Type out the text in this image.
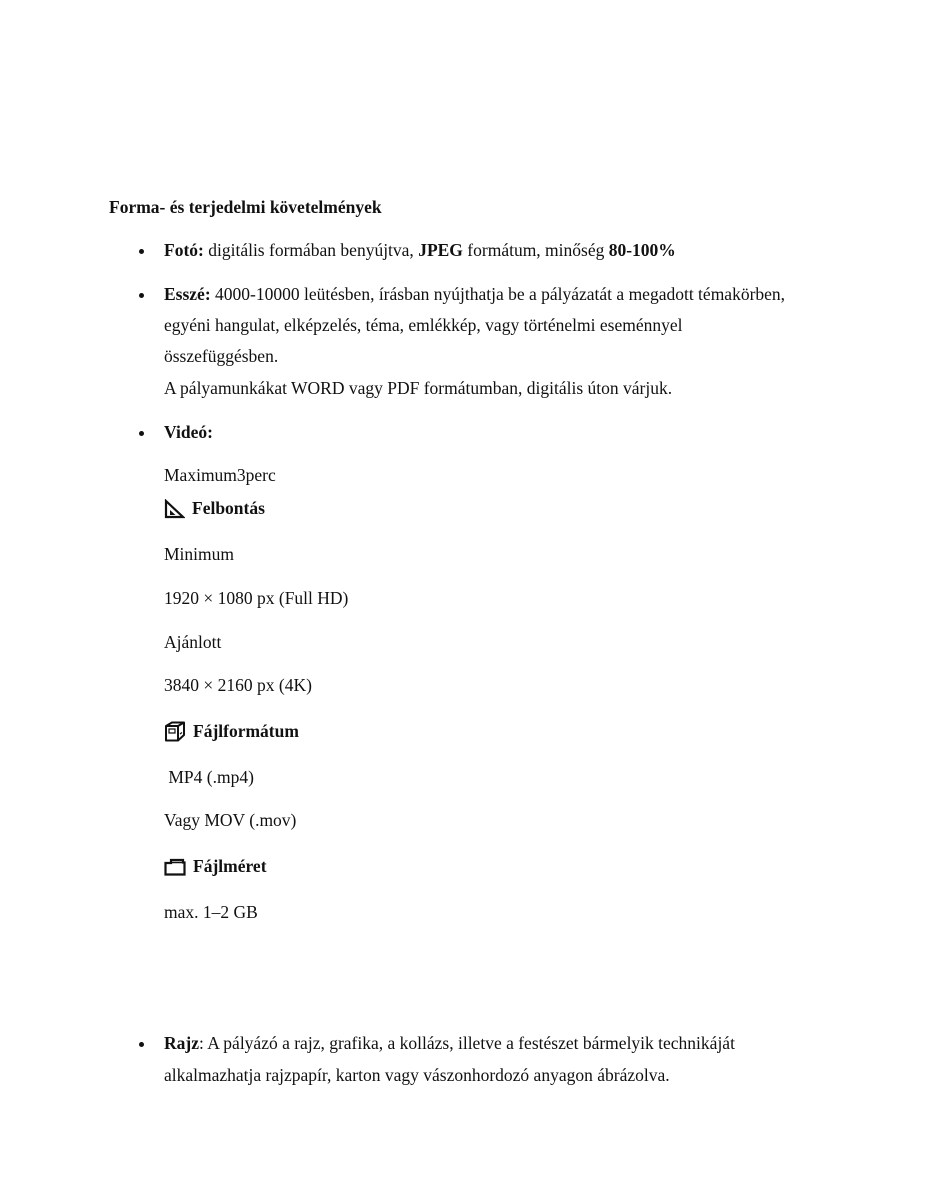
Forma- és terjedelmi követelmények
Fotó: digitális formában benyújtva, JPEG formátum, minőség 80-100%
Esszé: 4000-10000 leütésben, írásban nyújthatja be a pályázatát a megadott témakörben,
egyéni hangulat, elképzelés, téma, emlékkép, vagy történelmi eseménnyel
összefüggésben.
A pályamunkákat WORD vagy PDF formátumban, digitális úton várjuk.
Videó:
Maximum3perc
Felbontás
Minimum
1920 × 1080 px (Full HD)
Ajánlott
3840 × 2160 px (4K)
Fájlformátum
MP4 (.mp4)
Vagy MOV (.mov)
Fájlméret
max. 1–2 GB
Rajz: A pályázó a rajz, grafika, a kollázs, illetve a festészet bármelyik technikáját
alkalmazhatja rajzpapír, karton vagy vászonhordozó anyagon ábrázolva.
